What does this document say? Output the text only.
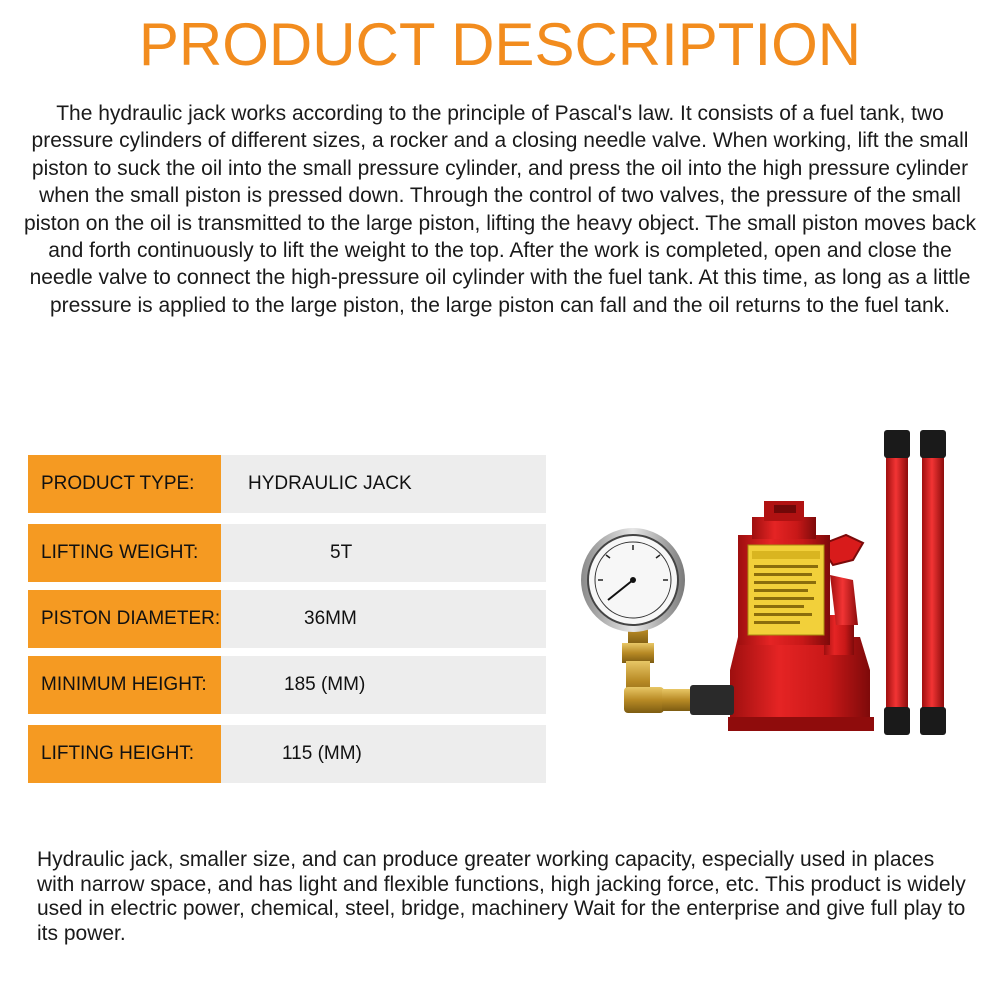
PRODUCT DESCRIPTION
The hydraulic jack works according to the principle of Pascal's law. It consists of a fuel tank, two pressure cylinders of different sizes, a rocker and a closing needle valve. When working, lift the small piston to suck the oil into the small pressure cylinder, and press the oil into the high pressure cylinder when the small piston is pressed down. Through the control of two valves, the pressure of the small piston on the oil is transmitted to the large piston, lifting the heavy object. The small piston moves back and forth continuously to lift the weight to the top. After the work is completed, open and close the needle valve to connect the high-pressure oil cylinder with the fuel tank. At this time, as long as a little pressure is applied to the large piston, the large piston can fall and the oil returns to the fuel tank.
PRODUCT TYPE:	HYDRAULIC JACK
LIFTING WEIGHT:	5T
PISTON DIAMETER:	36MM
MINIMUM HEIGHT:	185 (MM)
LIFTING HEIGHT:	115 (MM)
Hydraulic jack, smaller size, and can produce greater working capacity, especially used in places with narrow space, and has light and flexible functions, high jacking force, etc. This product is widely used in electric power, chemical, steel, bridge, machinery Wait for the enterprise and give full play to its power.
